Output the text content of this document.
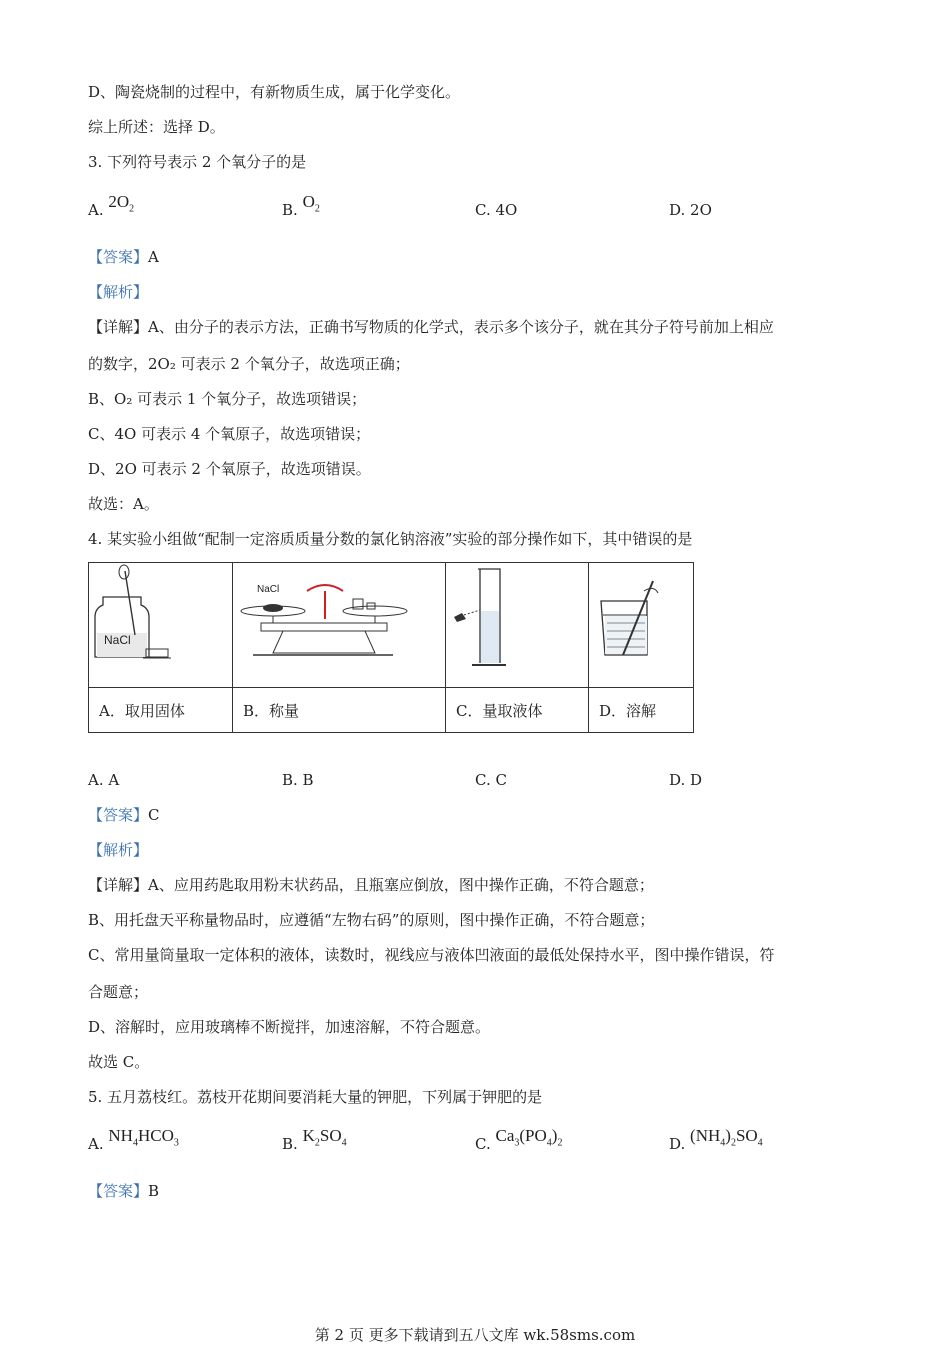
D、陶瓷烧制的过程中，有新物质生成，属于化学变化。
综上所述：选择 D。
3. 下列符号表示 2 个氧分子的是
A. $2O_2$	B. $O_2$	C. 4O	D. 2O
【答案】A
【解析】
【详解】A、由分子的表示方法，正确书写物质的化学式，表示多个该分子，就在其分子符号前加上相应
的数字，2O₂ 可表示 2 个氧分子，故选项正确；
B、O₂ 可表示 1 个氧分子，故选项错误；
C、4O 可表示 4 个氧原子，故选项错误；
D、2O 可表示 2 个氧原子，故选项错误。
故选：A。
4. 某实验小组做“配制一定溶质质量分数的氯化钠溶液”实验的部分操作如下，其中错误的是
NaCl	NaCl

A．取用固体	B．称量	C．量取液体	D．溶解
A. A	B. B	C. C	D. D
【答案】C
【解析】
【详解】A、应用药匙取用粉末状药品，且瓶塞应倒放，图中操作正确，不符合题意；
B、用托盘天平称量物品时，应遵循“左物右码”的原则，图中操作正确，不符合题意；
C、常用量筒量取一定体积的液体，读数时，视线应与液体凹液面的最低处保持水平，图中操作错误，符
合题意；
D、溶解时，应用玻璃棒不断搅拌，加速溶解，不符合题意。
故选 C。
5. 五月荔枝红。荔枝开花期间要消耗大量的钾肥，下列属于钾肥的是
A. $NH_4HCO_3$	B. $K_2SO_4$	C. $Ca_3(PO_4)_2$	D. $(NH_4)_2SO_4$
【答案】B
第 2 页 更多下载请到五八文库 wk.58sms.com
